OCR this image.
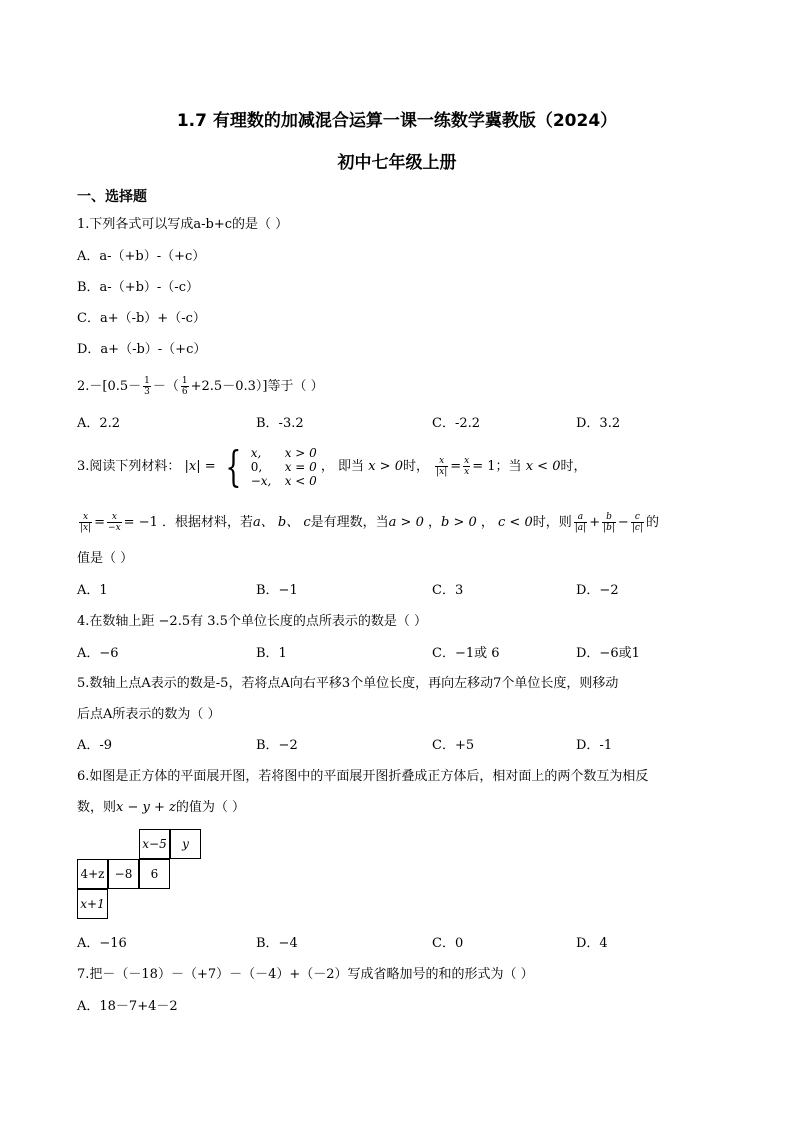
1.7 有理数的加减混合运算一课一练数学冀教版（2024）
初中七年级上册
一、选择题
1.下列各式可以写成a-b+c的是（ ）
A．a-（+b）-（+c）
B．a-（+b）-（-c）
C．a+（-b）+（-c）
D．a+（-b）-（+c）
$2.-[0.5- \frac{1}{3}$ －（ $\frac{1}{6} +2.5-0.3$）]等于（ ）
A．2.2	B．-3.2	C．-2.2	D．3.2
3.阅读下列材料： |x| = { x, x > 0
0, x = 0
−x, x < 0
， 即当 x > 0时， $\frac{x}{|x|} = \frac{x}{x} = 1$；当 x < 0时，
$\frac{x}{|x|} = \frac{x}{-x} = -1$ ．根据材料，若a、 b、 c是有理数，当a > 0 ，b > 0 ， c < 0时，则 $\frac{a}{|a|} + \frac{b}{|b|} - \frac{c}{|c|}$ 的
值是（ ）
A．1	B．−1	C．3	D．−2
4.在数轴上距 −2.5有 3.5个单位长度的点所表示的数是（ ）
A．−6	B．1	C．−1或 6	D．−6或1
5.数轴上点A表示的数是-5，若将点A向右平移3个单位长度，再向左移动7个单位长度，则移动
后点A所表示的数为（ ）
A．-9	B．−2	C．+5	D．-1
6.如图是正方体的平面展开图，若将图中的平面展开图折叠成正方体后，相对面上的两个数互为相反
数，则x − y + z的值为（ ）
x−5	y
4+z −8	6
x+1
A．−16	B．−4	C．0	D．4
7.把－（－18）－（+7）－（－4）+（－2）写成省略加号的和的形式为（ ）
A．18－7+4－2
